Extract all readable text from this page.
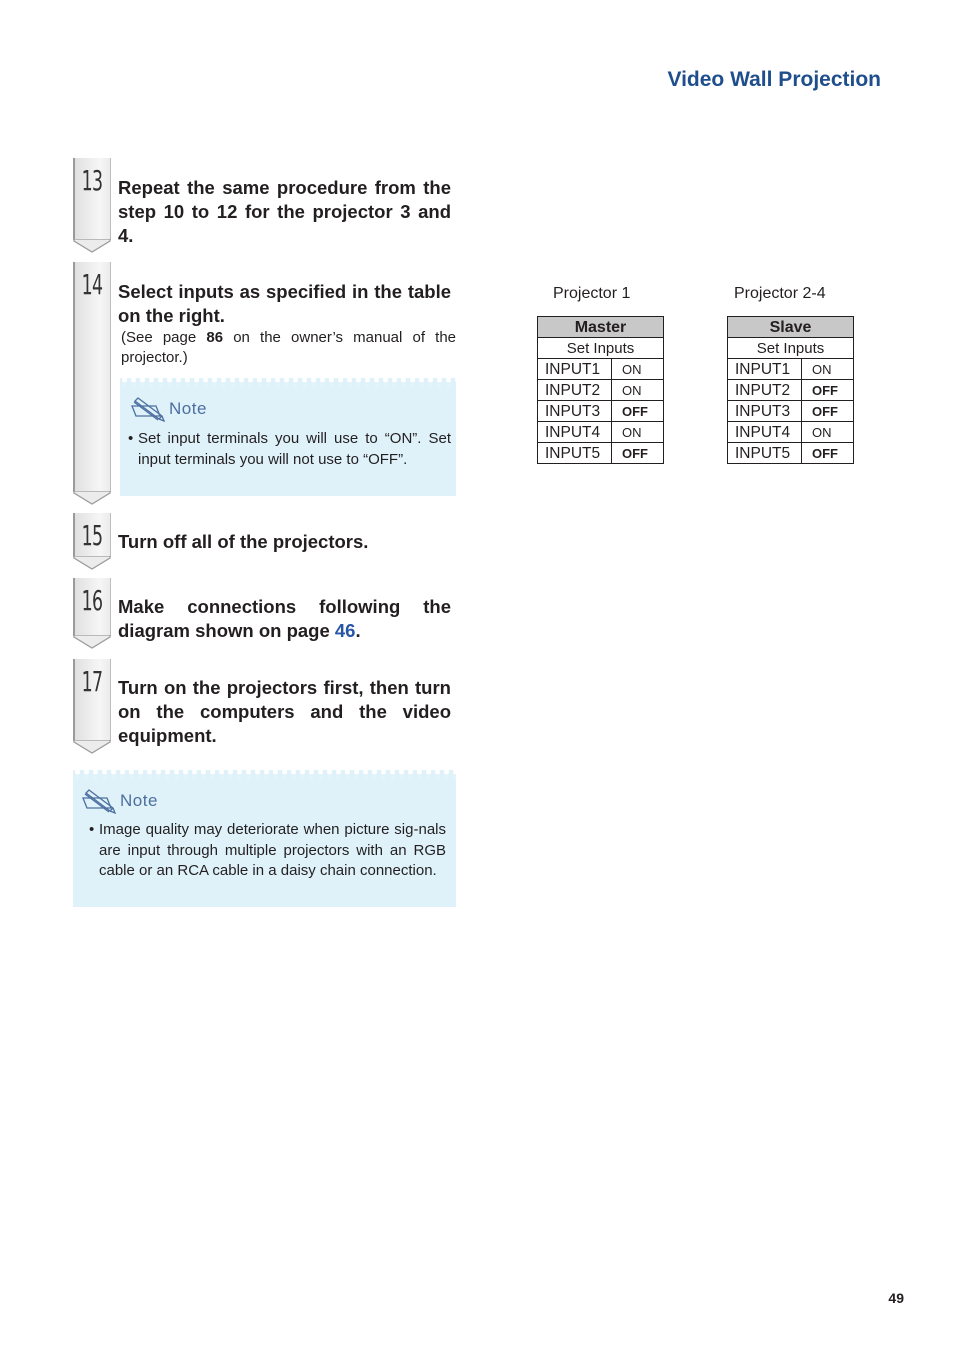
Video Wall Projection
13 Repeat the same procedure from the step 10 to 12 for the projector 3 and 4.
14 Select inputs as specified in the table on the right.
(See page 86 on the owner’s manual of the projector.)
Note
• Set input terminals you will use to “ON”. Set input terminals you will not use to “OFF”.
15 Turn off all of the projectors.
16 Make connections following the diagram shown on page 46.
17 Turn on the projectors first, then turn on the computers and the video equipment.
Note
• Image quality may deteriorate when picture sig-nals are input through multiple projectors with an RGB cable or an RCA cable in a daisy chain connection.
Projector 1
Master	
Set Inputs	
INPUT1	ON
INPUT2	ON
INPUT3	OFF
INPUT4	ON
INPUT5	OFF
Projector 2-4
Slave	
Set Inputs	
INPUT1	ON
INPUT2	OFF
INPUT3	OFF
INPUT4	ON
INPUT5	OFF
49
